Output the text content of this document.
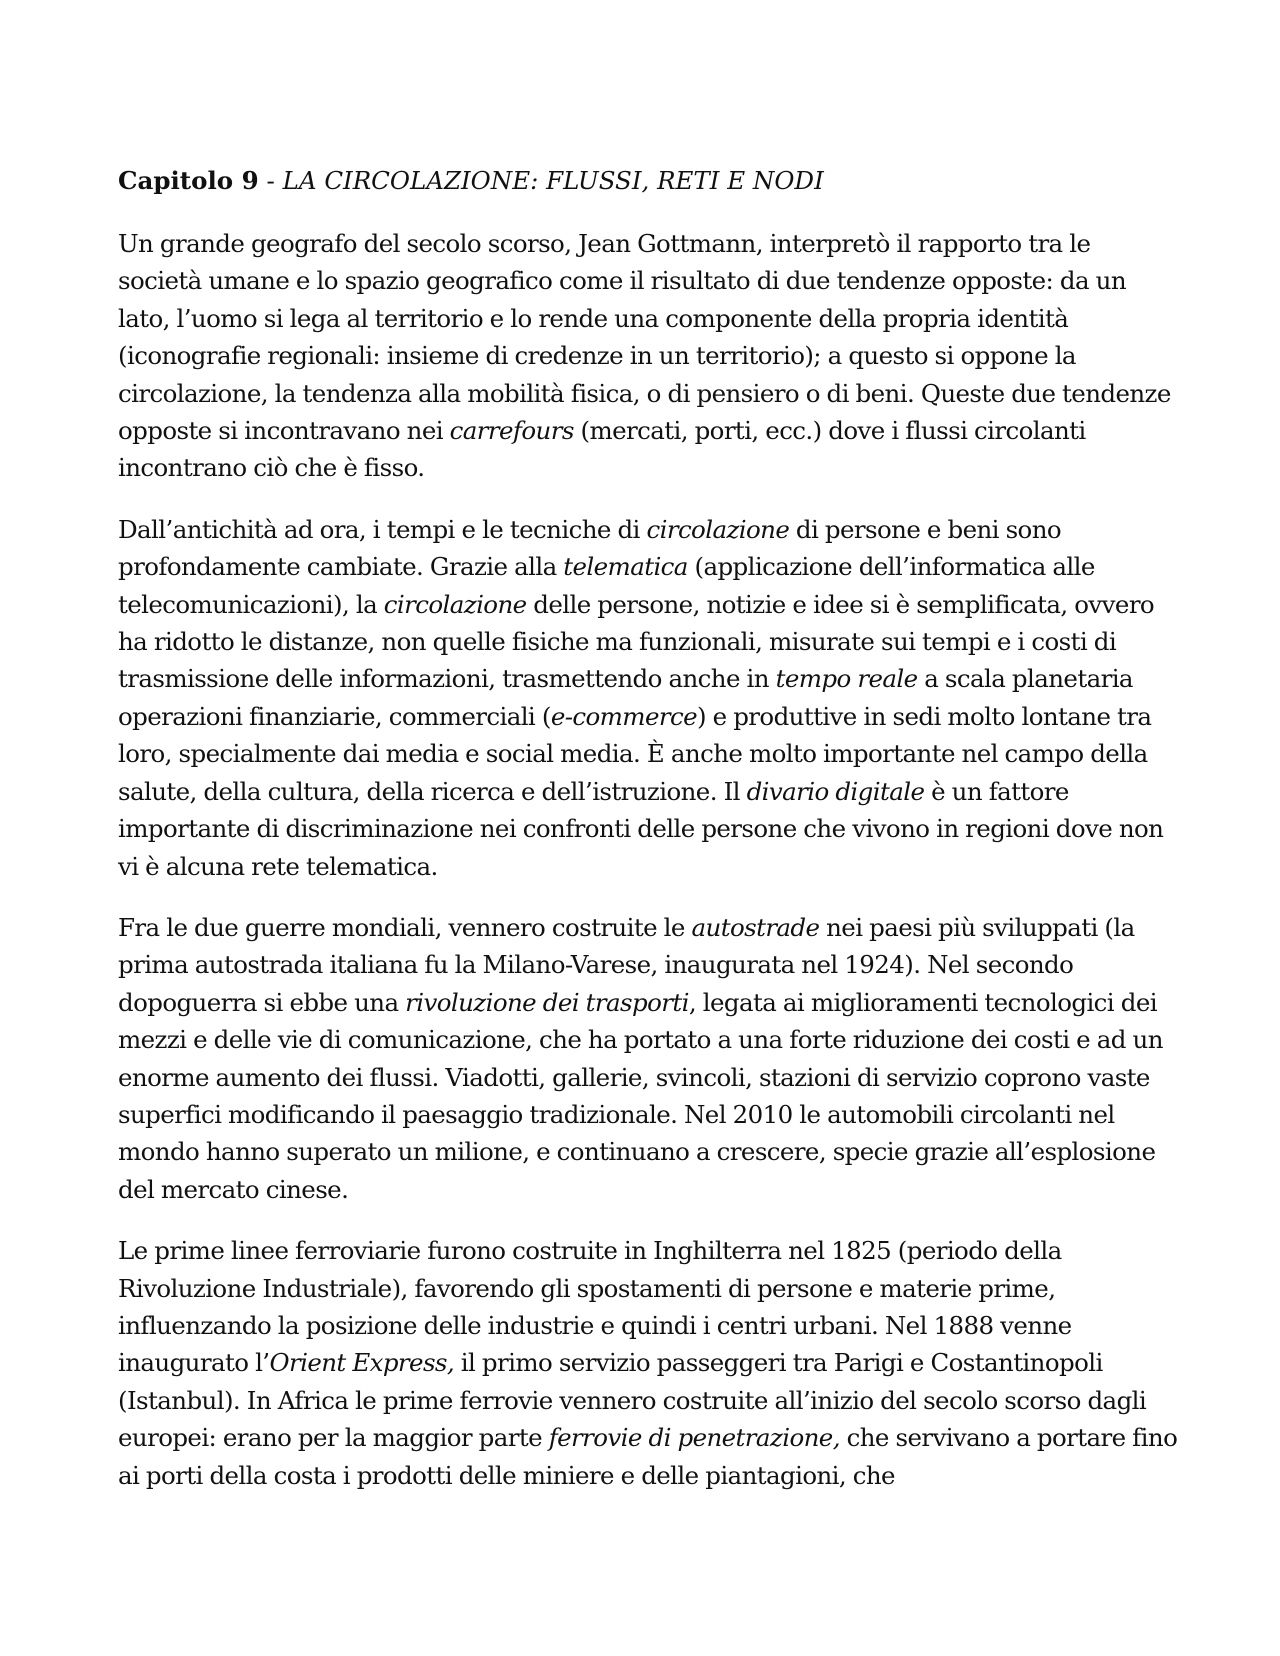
Capitolo 9 - LA CIRCOLAZIONE: FLUSSI, RETI E NODI

Un grande geografo del secolo scorso, Jean Gottmann, interpretò il rapporto tra le società umane e lo spazio geografico come il risultato di due tendenze opposte: da un lato, l’uomo si lega al territorio e lo rende una componente della propria identità (iconografie regionali: insieme di credenze in un territorio); a questo si oppone la circolazione, la tendenza alla mobilità fisica, o di pensiero o di beni. Queste due tendenze opposte si incontravano nei carrefours (mercati, porti, ecc.) dove i flussi circolanti incontrano ciò che è fisso.

Dall’antichità ad ora, i tempi e le tecniche di circolazione di persone e beni sono profondamente cambiate. Grazie alla telematica (applicazione dell’informatica alle telecomunicazioni), la circolazione delle persone, notizie e idee si è semplificata, ovvero ha ridotto le distanze, non quelle fisiche ma funzionali, misurate sui tempi e i costi di trasmissione delle informazioni, trasmettendo anche in tempo reale a scala planetaria operazioni finanziarie, commerciali (e-commerce) e produttive in sedi molto lontane tra loro, specialmente dai media e social media. È anche molto importante nel campo della salute, della cultura, della ricerca e dell’istruzione. Il divario digitale è un fattore importante di discriminazione nei confronti delle persone che vivono in regioni dove non vi è alcuna rete telematica.

Fra le due guerre mondiali, vennero costruite le autostrade nei paesi più sviluppati (la prima autostrada italiana fu la Milano-Varese, inaugurata nel 1924). Nel secondo dopoguerra si ebbe una rivoluzione dei trasporti, legata ai miglioramenti tecnologici dei mezzi e delle vie di comunicazione, che ha portato a una forte riduzione dei costi e ad un enorme aumento dei flussi. Viadotti, gallerie, svincoli, stazioni di servizio coprono vaste superfici modificando il paesaggio tradizionale. Nel 2010 le automobili circolanti nel mondo hanno superato un milione, e continuano a crescere, specie grazie all’esplosione del mercato cinese.

Le prime linee ferroviarie furono costruite in Inghilterra nel 1825 (periodo della Rivoluzione Industriale), favorendo gli spostamenti di persone e materie prime, influenzando la posizione delle industrie e quindi i centri urbani. Nel 1888 venne inaugurato l’Orient Express, il primo servizio passeggeri tra Parigi e Costantinopoli (Istanbul). In Africa le prime ferrovie vennero costruite all’inizio del secolo scorso dagli europei: erano per la maggior parte ferrovie di penetrazione, che servivano a portare fino ai porti della costa i prodotti delle miniere e delle piantagioni, che
